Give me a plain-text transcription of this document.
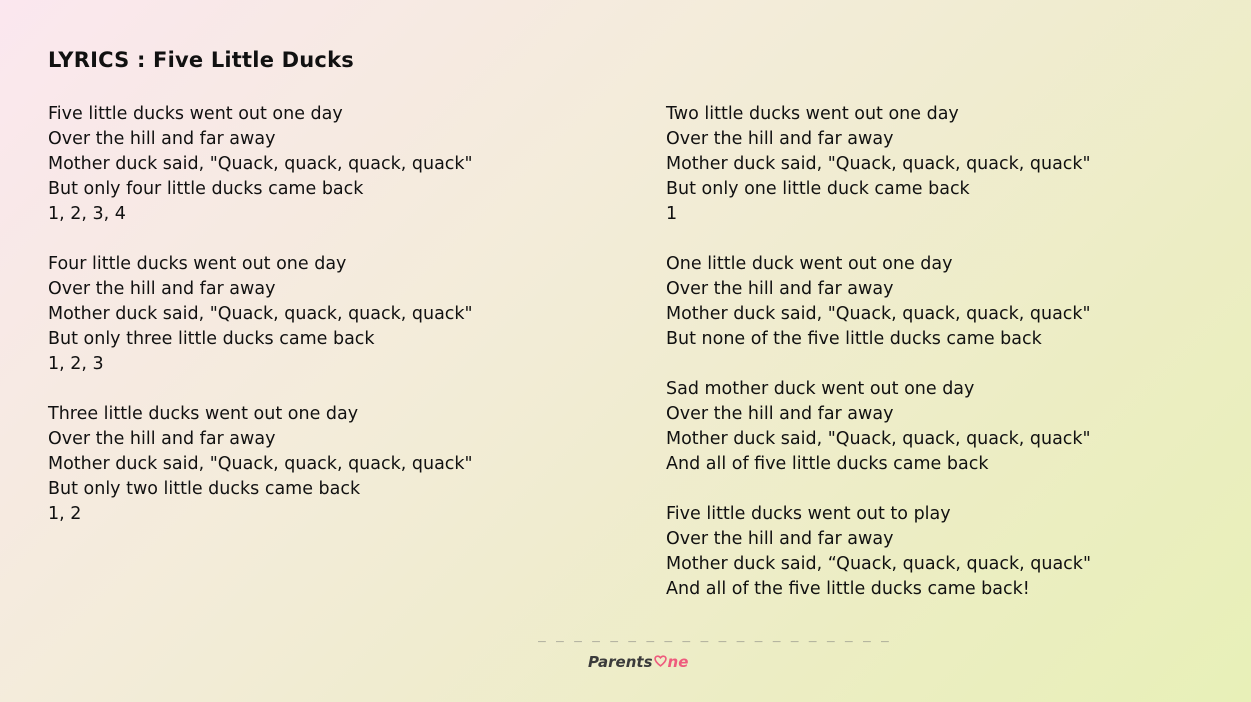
LYRICS : Five Little Ducks
Five little ducks went out one day
Over the hill and far away
Mother duck said, "Quack, quack, quack, quack"
But only four little ducks came back
1, 2, 3, 4
Four little ducks went out one day
Over the hill and far away
Mother duck said, "Quack, quack, quack, quack"
But only three little ducks came back
1, 2, 3
Three little ducks went out one day
Over the hill and far away
Mother duck said, "Quack, quack, quack, quack"
But only two little ducks came back
1, 2
Two little ducks went out one day
Over the hill and far away
Mother duck said, "Quack, quack, quack, quack"
But only one little duck came back
1
One little duck went out one day
Over the hill and far away
Mother duck said, "Quack, quack, quack, quack"
But none of the five little ducks came back
Sad mother duck went out one day
Over the hill and far away
Mother duck said, "Quack, quack, quack, quack"
And all of five little ducks came back
Five little ducks went out to play
Over the hill and far away
Mother duck said, “Quack, quack, quack, quack"
And all of the five little ducks came back!
_ _ _ _ _ _ _ _ _ _ _ _ _ _ _ _ _ _ _ _
Parents ne
